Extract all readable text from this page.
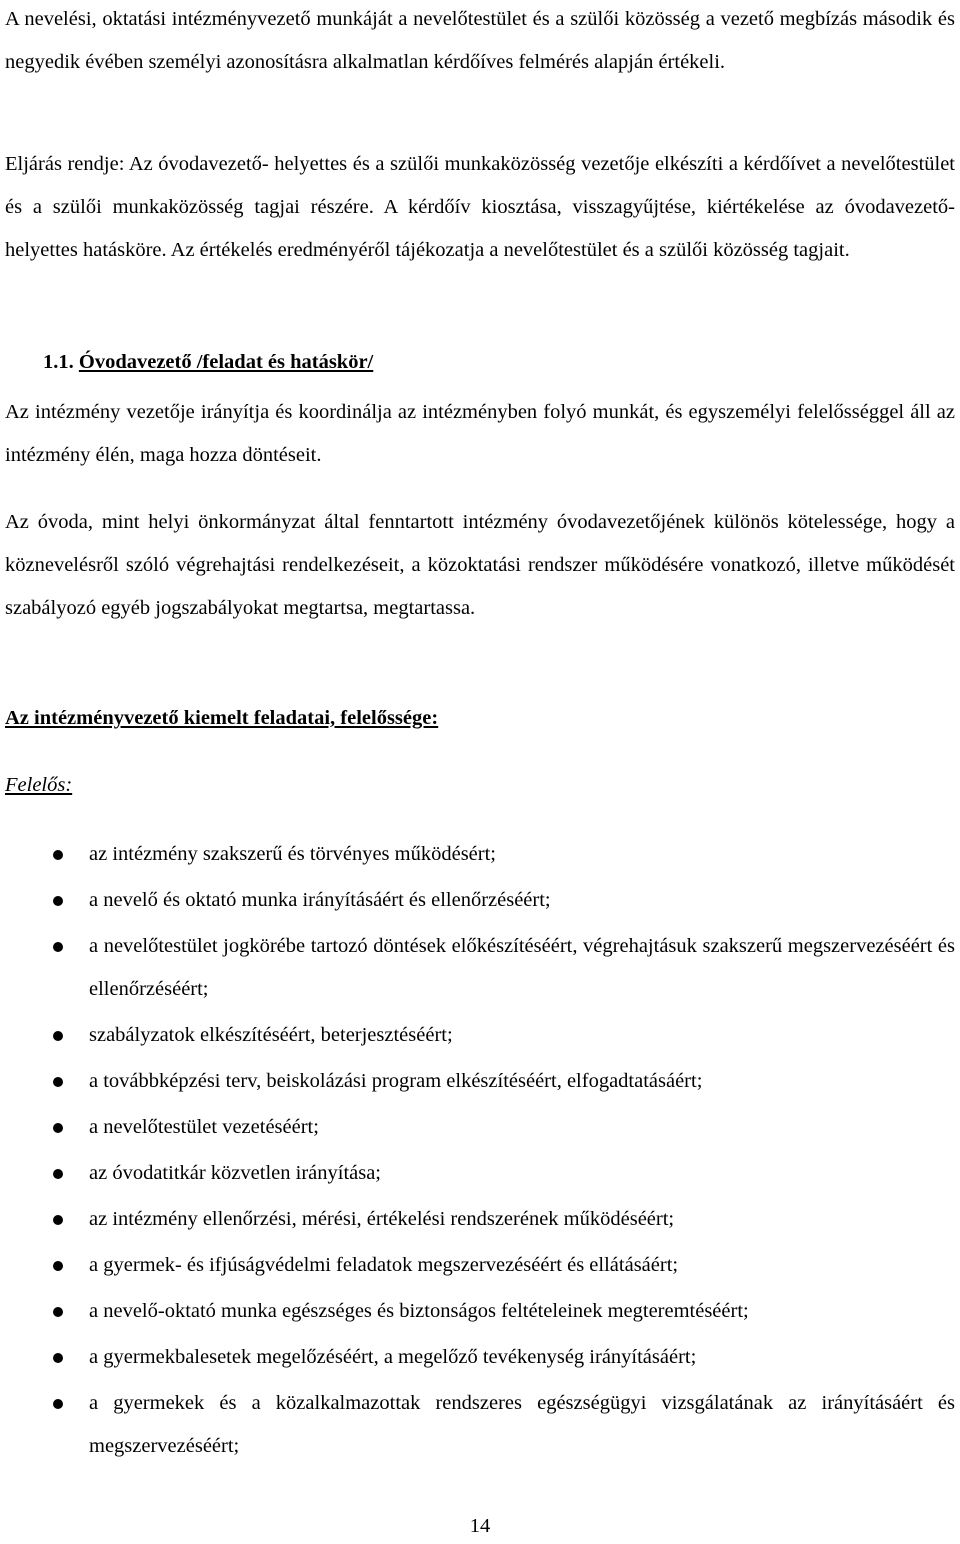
A nevelési, oktatási intézményvezető munkáját a nevelőtestület és a szülői közösség a vezető megbízás második és negyedik évében személyi azonosításra alkalmatlan kérdőíves felmérés alapján értékeli.

Eljárás rendje: Az óvodavezető- helyettes és a szülői munkaközösség vezetője elkészíti a kérdőívet a nevelőtestület és a szülői munkaközösség tagjai részére. A kérdőív kiosztása, visszagyűjtése, kiértékelése az óvodavezető-helyettes hatásköre. Az értékelés eredményéről tájékozatja a nevelőtestület és a szülői közösség tagjait.

1.1. Óvodavezető /feladat és hatáskör/

Az intézmény vezetője irányítja és koordinálja az intézményben folyó munkát, és egyszemélyi felelősséggel áll az intézmény élén, maga hozza döntéseit.

Az óvoda, mint helyi önkormányzat által fenntartott intézmény óvodavezetőjének különös kötelessége, hogy a köznevelésről szóló végrehajtási rendelkezéseit, a közoktatási rendszer működésére vonatkozó, illetve működését szabályozó egyéb jogszabályokat megtartsa, megtartassa.

Az intézményvezető kiemelt feladatai, felelőssége:

Felelős:

az intézmény szakszerű és törvényes működésért;
a nevelő és oktató munka irányításáért és ellenőrzéséért;
a nevelőtestület jogkörébe tartozó döntések előkészítéséért, végrehajtásuk szakszerű megszervezéséért és ellenőrzéséért;
szabályzatok elkészítéséért, beterjesztéséért;
a továbbképzési terv, beiskolázási program elkészítéséért, elfogadtatásáért;
a nevelőtestület vezetéséért;
az óvodatitkár közvetlen irányítása;
az intézmény ellenőrzési, mérési, értékelési rendszerének működéséért;
a gyermek- és ifjúságvédelmi feladatok megszervezéséért és ellátásáért;
a nevelő-oktató munka egészséges és biztonságos feltételeinek megteremtéséért;
a gyermekbalesetek megelőzéséért, a megelőző tevékenység irányításáért;
a gyermekek és a közalkalmazottak rendszeres egészségügyi vizsgálatának az irányításáért és megszervezéséért;

14
